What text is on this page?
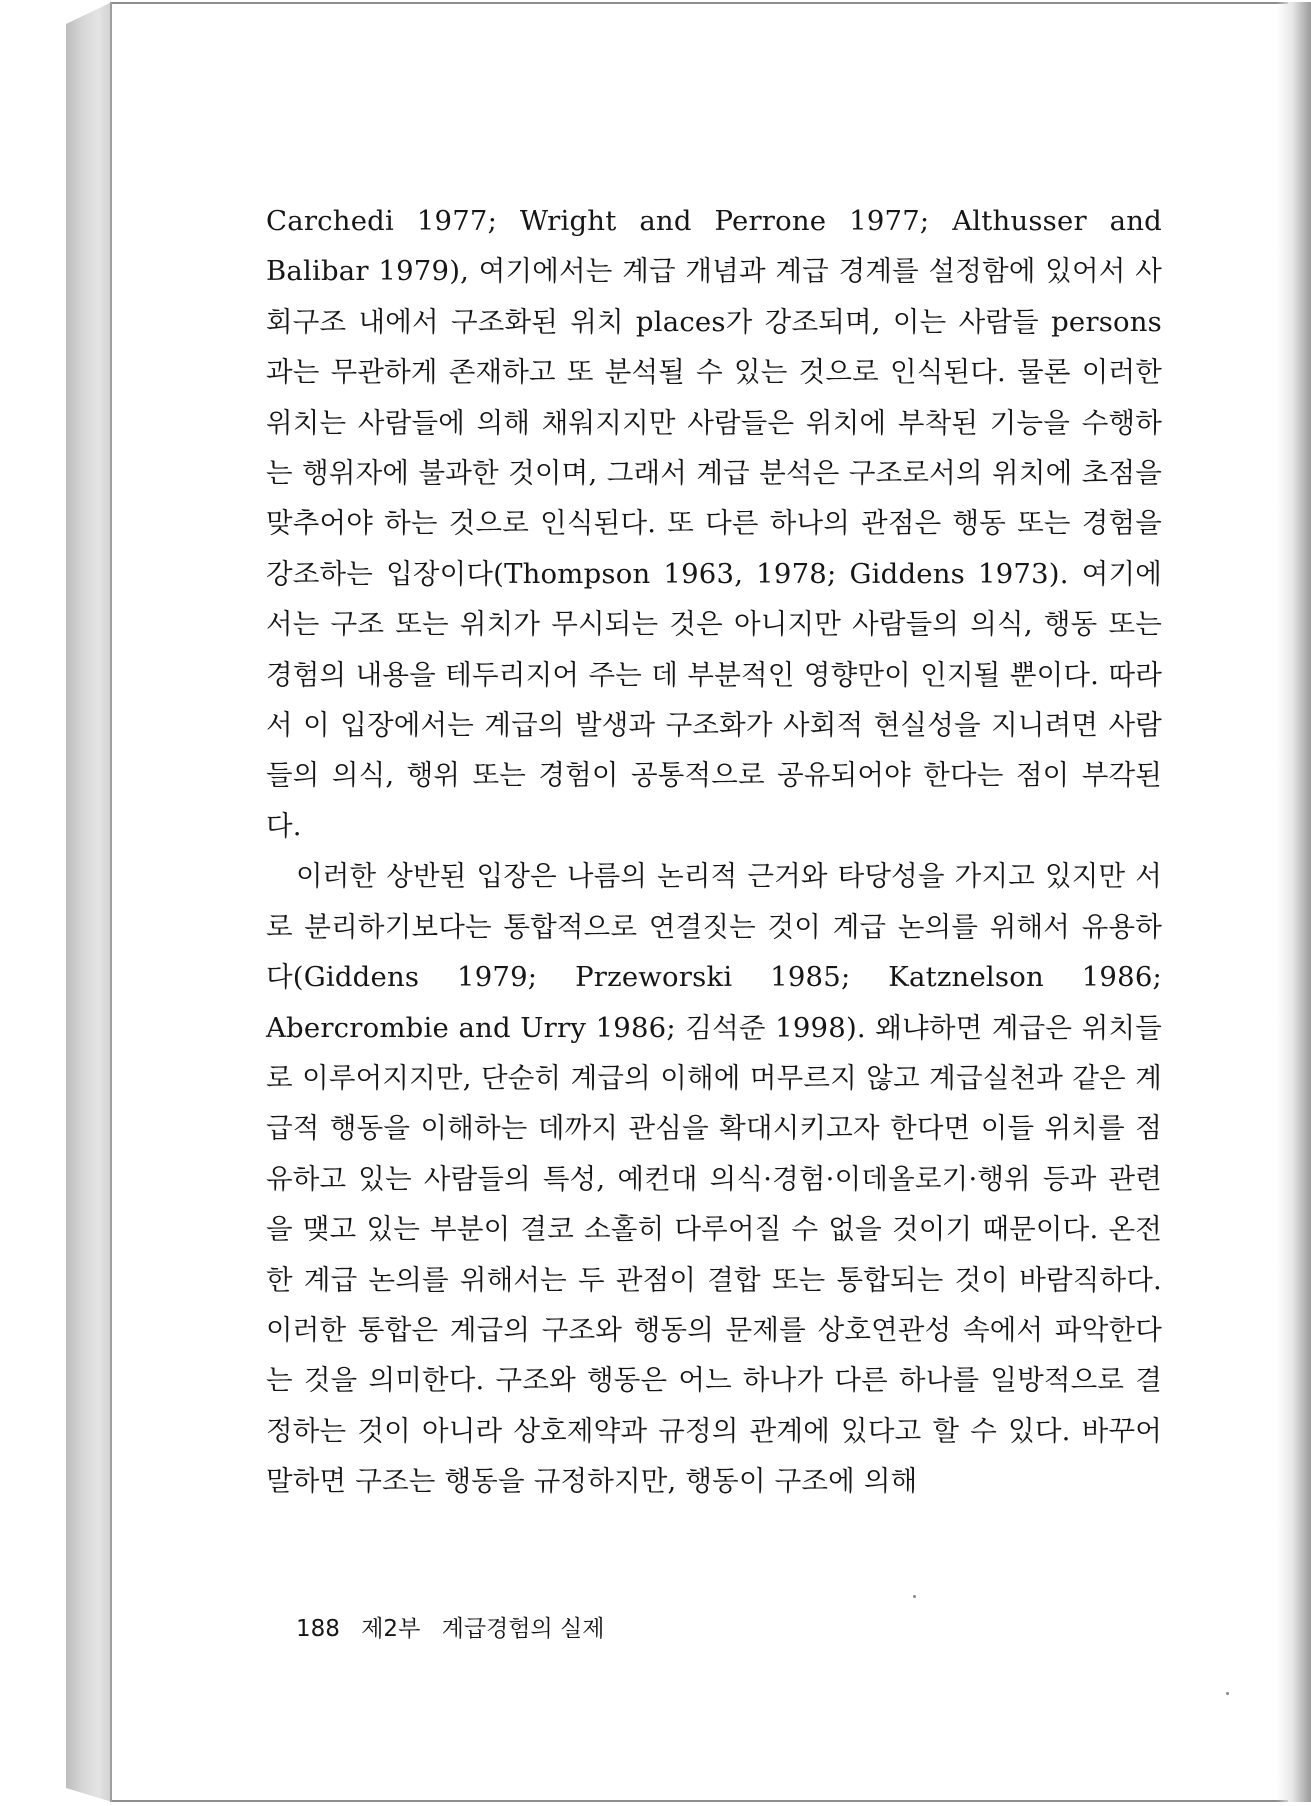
Carchedi 1977; Wright and Perrone 1977; Althusser and Balibar 1979), 여기에서는 계급 개념과 계급 경계를 설정함에 있어서 사회구조 내에서 구조화된 위치 places가 강조되며, 이는 사람들 persons과는 무관하게 존재하고 또 분석될 수 있는 것으로 인식된다. 물론 이러한 위치는 사람들에 의해 채워지지만 사람들은 위치에 부착된 기능을 수행하는 행위자에 불과한 것이며, 그래서 계급 분석은 구조로서의 위치에 초점을 맞추어야 하는 것으로 인식된다. 또 다른 하나의 관점은 행동 또는 경험을 강조하는 입장이다(Thompson 1963, 1978; Giddens 1973). 여기에서는 구조 또는 위치가 무시되는 것은 아니지만 사람들의 의식, 행동 또는 경험의 내용을 테두리지어 주는 데 부분적인 영향만이 인지될 뿐이다. 따라서 이 입장에서는 계급의 발생과 구조화가 사회적 현실성을 지니려면 사람들의 의식, 행위 또는 경험이 공통적으로 공유되어야 한다는 점이 부각된다.

이러한 상반된 입장은 나름의 논리적 근거와 타당성을 가지고 있지만 서로 분리하기보다는 통합적으로 연결짓는 것이 계급 논의를 위해서 유용하다(Giddens 1979; Przeworski 1985; Katznelson 1986; Abercrombie and Urry 1986; 김석준 1998). 왜냐하면 계급은 위치들로 이루어지지만, 단순히 계급의 이해에 머무르지 않고 계급실천과 같은 계급적 행동을 이해하는 데까지 관심을 확대시키고자 한다면 이들 위치를 점유하고 있는 사람들의 특성, 예컨대 의식·경험·이데올로기·행위 등과 관련을 맺고 있는 부분이 결코 소홀히 다루어질 수 없을 것이기 때문이다. 온전한 계급 논의를 위해서는 두 관점이 결합 또는 통합되는 것이 바람직하다. 이러한 통합은 계급의 구조와 행동의 문제를 상호연관성 속에서 파악한다는 것을 의미한다. 구조와 행동은 어느 하나가 다른 하나를 일방적으로 결정하는 것이 아니라 상호제약과 규정의 관계에 있다고 할 수 있다. 바꾸어 말하면 구조는 행동을 규정하지만, 행동이 구조에 의해

188 제2부 계급경험의 실제
